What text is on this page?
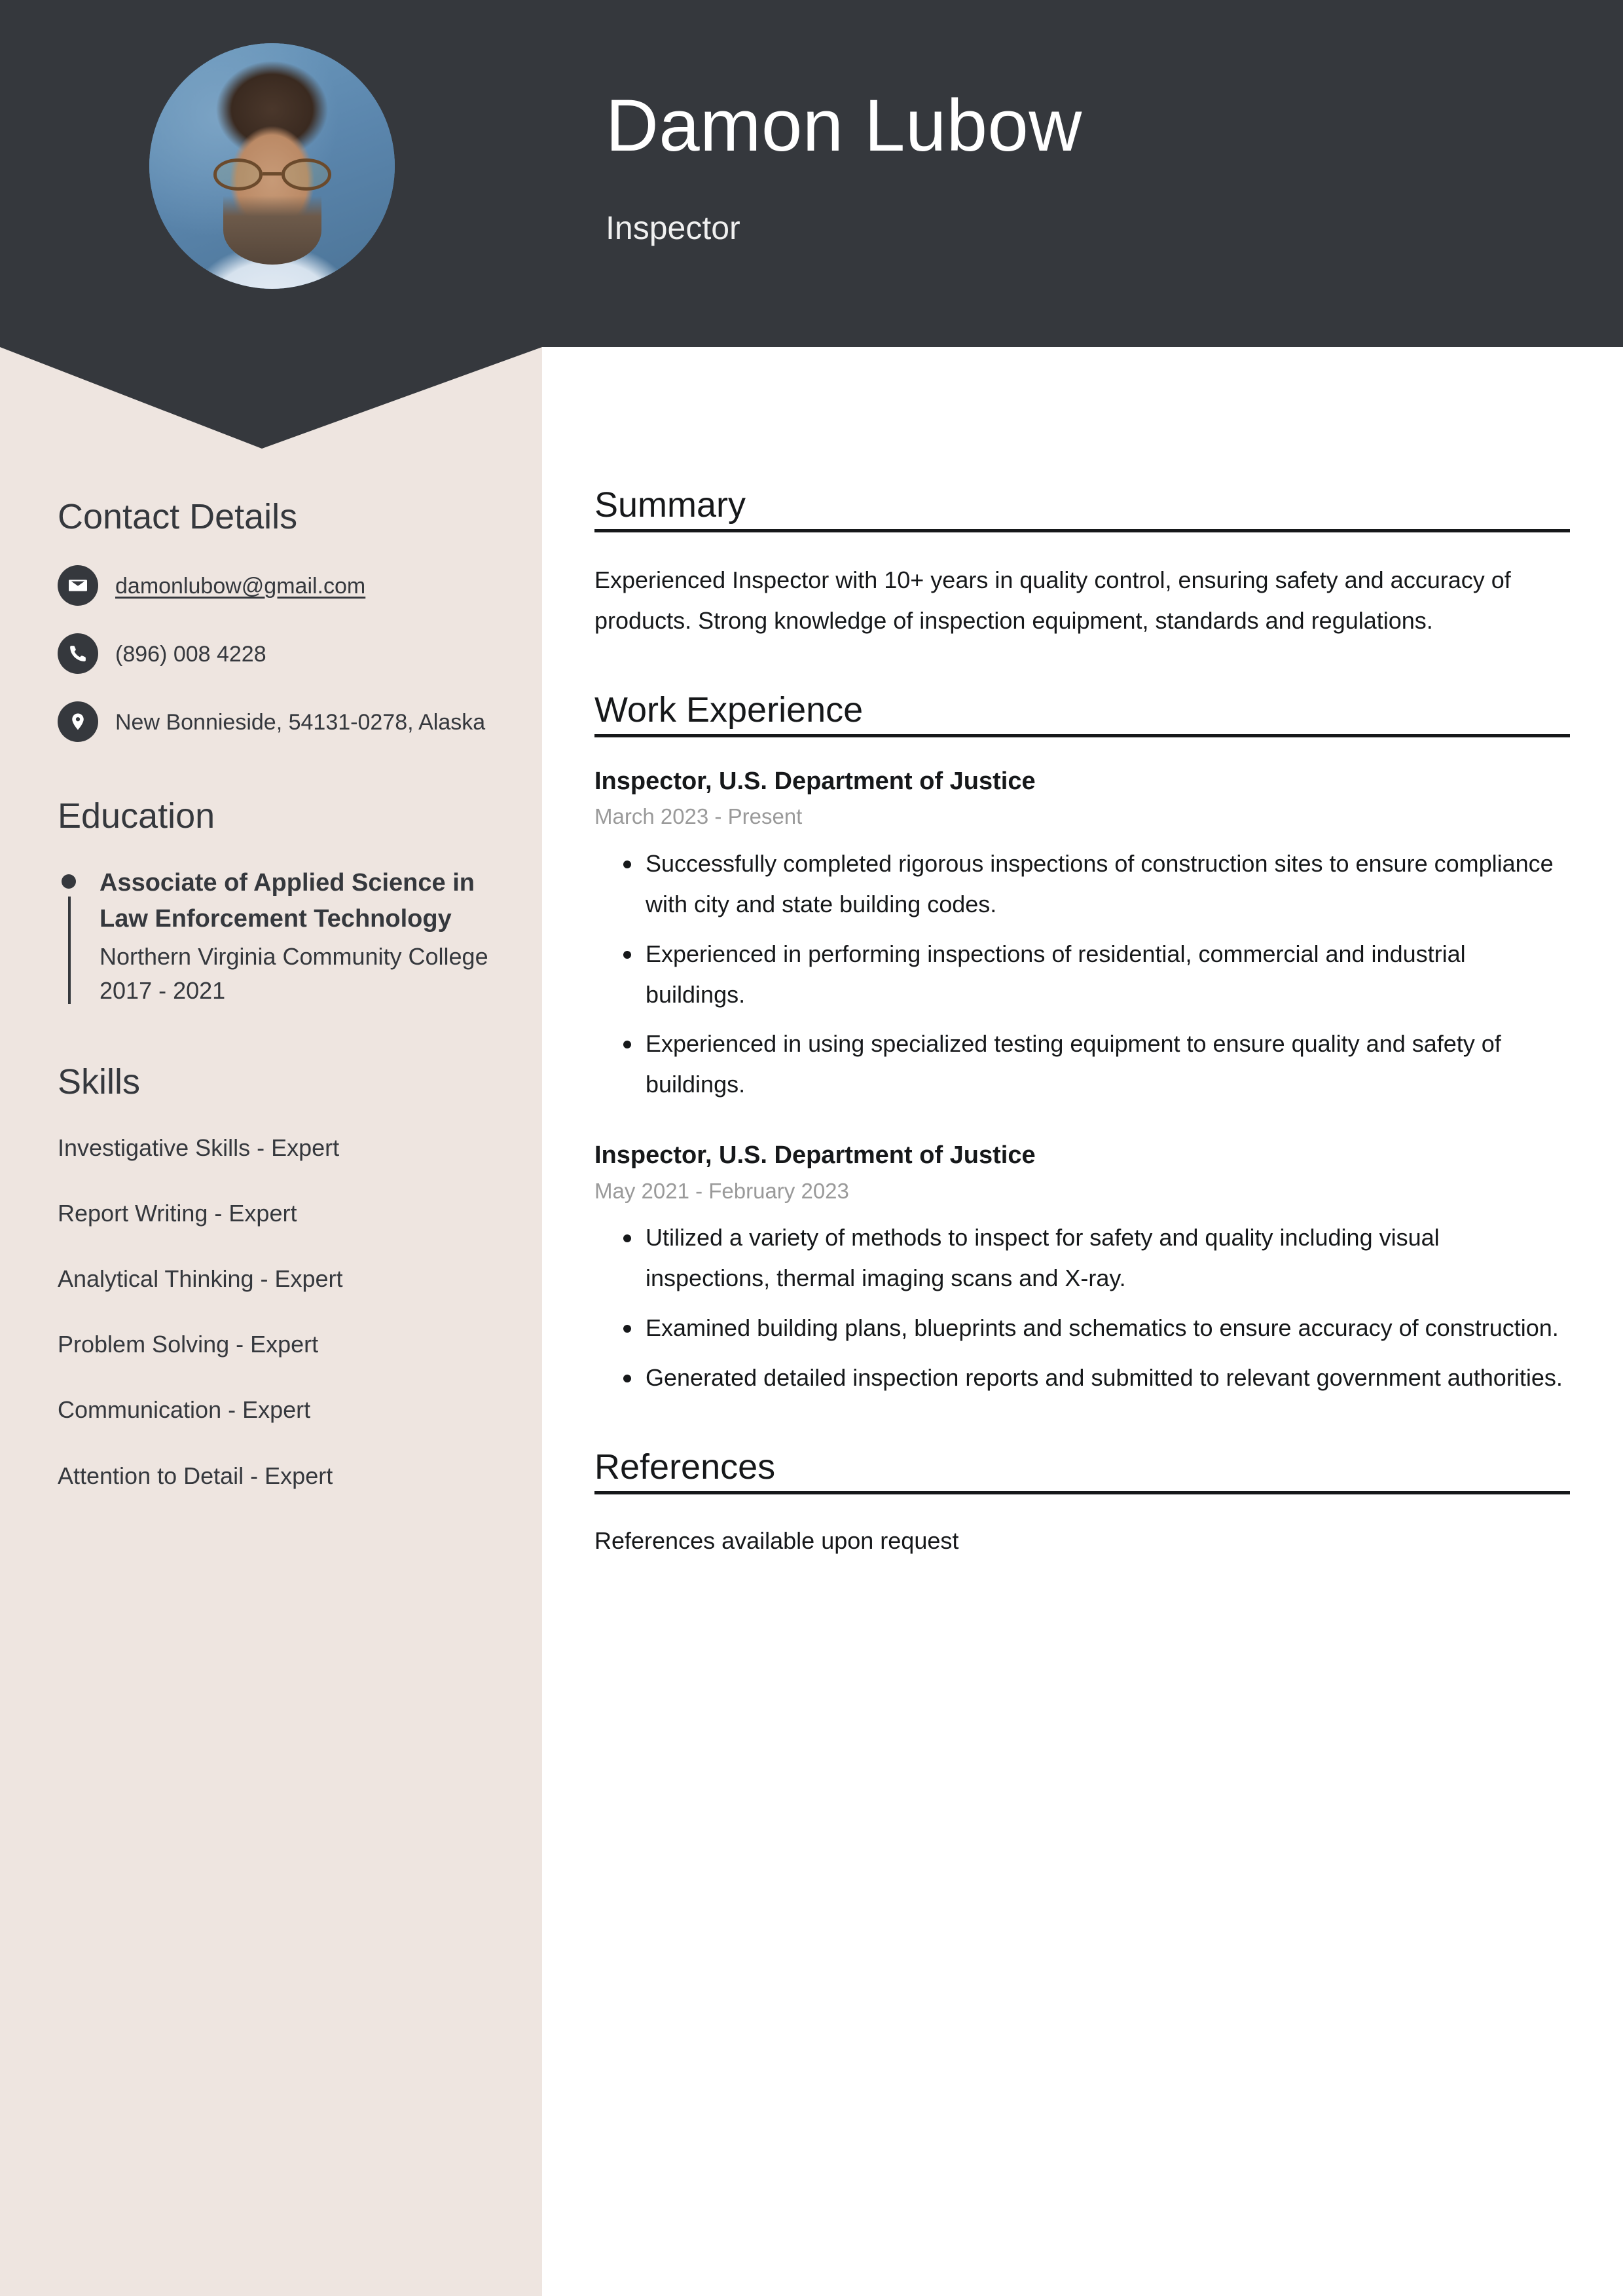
Damon Lubow
Inspector
Contact Details
damonlubow@gmail.com
(896) 008 4228
New Bonnieside, 54131-0278, Alaska
Education

Associate of Applied Science in Law Enforcement Technology

Northern Virginia Community College

2017 - 2021

Skills
Investigative Skills - Expert
Report Writing - Expert
Analytical Thinking - Expert
Problem Solving - Expert
Communication - Expert
Attention to Detail - Expert
Summary

Experienced Inspector with 10+ years in quality control, ensuring safety and accuracy of products. Strong knowledge of inspection equipment, standards and regulations.

Work Experience

Inspector, U.S. Department of Justice

March 2023 - Present

Successfully completed rigorous inspections of construction sites to ensure compliance with city and state building codes.
Experienced in performing inspections of residential, commercial and industrial buildings.
Experienced in using specialized testing equipment to ensure quality and safety of buildings.

Inspector, U.S. Department of Justice

May 2021 - February 2023

Utilized a variety of methods to inspect for safety and quality including visual inspections, thermal imaging scans and X-ray.
Examined building plans, blueprints and schematics to ensure accuracy of construction.
Generated detailed inspection reports and submitted to relevant government authorities.
References

References available upon request
